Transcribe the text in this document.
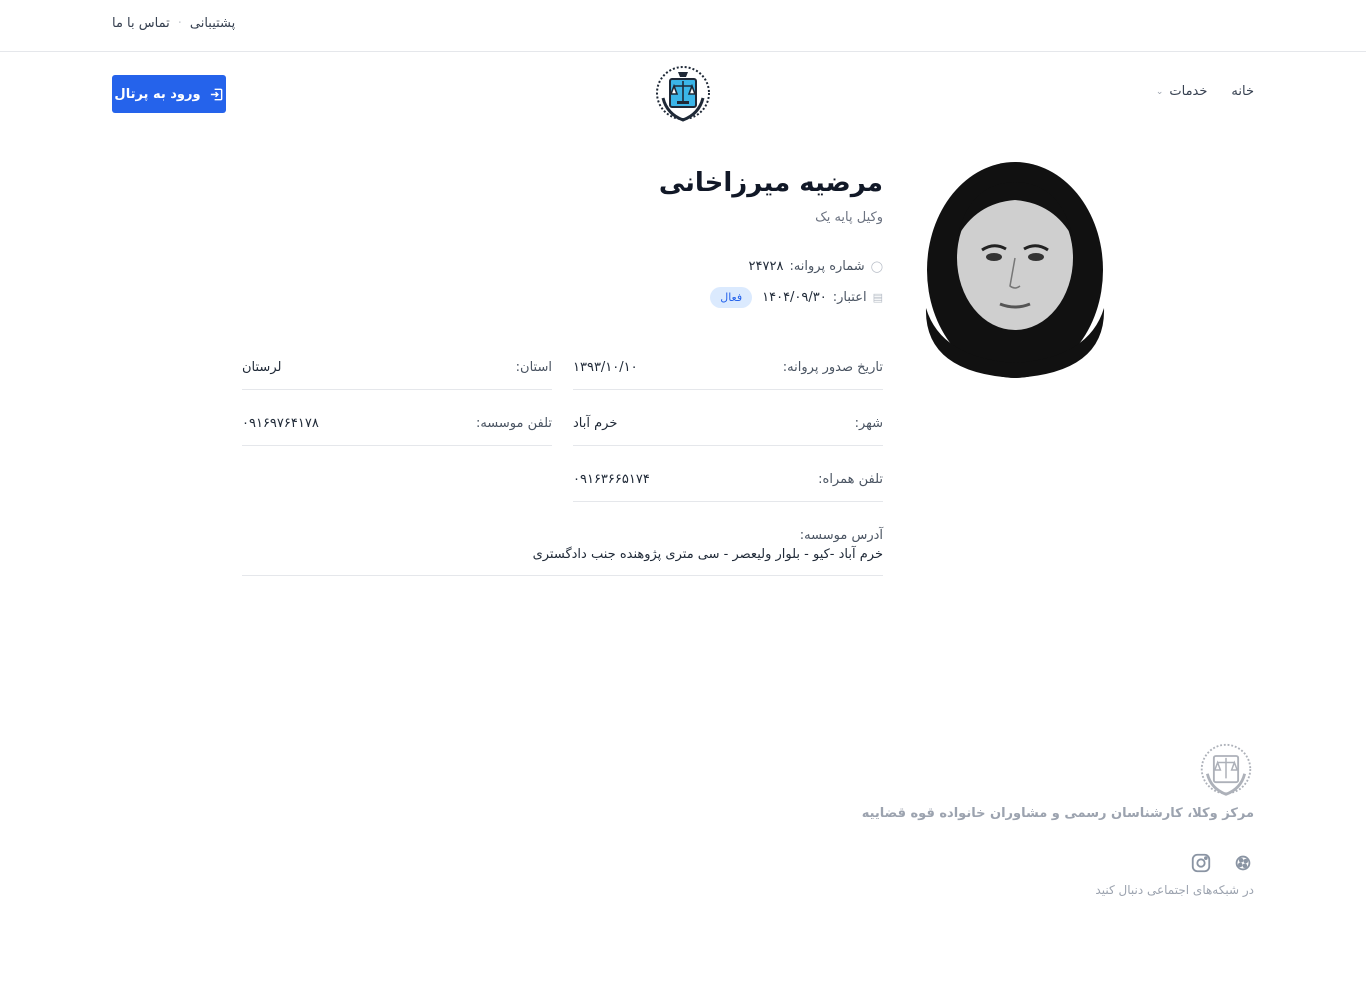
پشتیبانی
·
تماس با ما
ورود به پرتال	خانه
خدمات
⌄
مرضیه میرزاخانی
وکیل پایه یک
◯
شماره پروانه:
۲۴۷۲۸
▤
اعتبار:
۱۴۰۴/۰۹/۳۰
فعال
تاریخ صدور پروانه:
۱۳۹۳/۱۰/۱۰
استان:
لرستان
شهر:
خرم آباد
تلفن موسسه:
۰۹۱۶۹۷۶۴۱۷۸
تلفن همراه:
۰۹۱۶۳۶۶۵۱۷۴
آدرس موسسه:
خرم آباد -کیو - بلوار ولیعصر - سی متری پژوهنده جنب دادگستری
مرکز وکلا، کارشناسان رسمی و مشاوران خانواده قوه قضاییه
در شبکه‌های اجتماعی دنبال کنید
